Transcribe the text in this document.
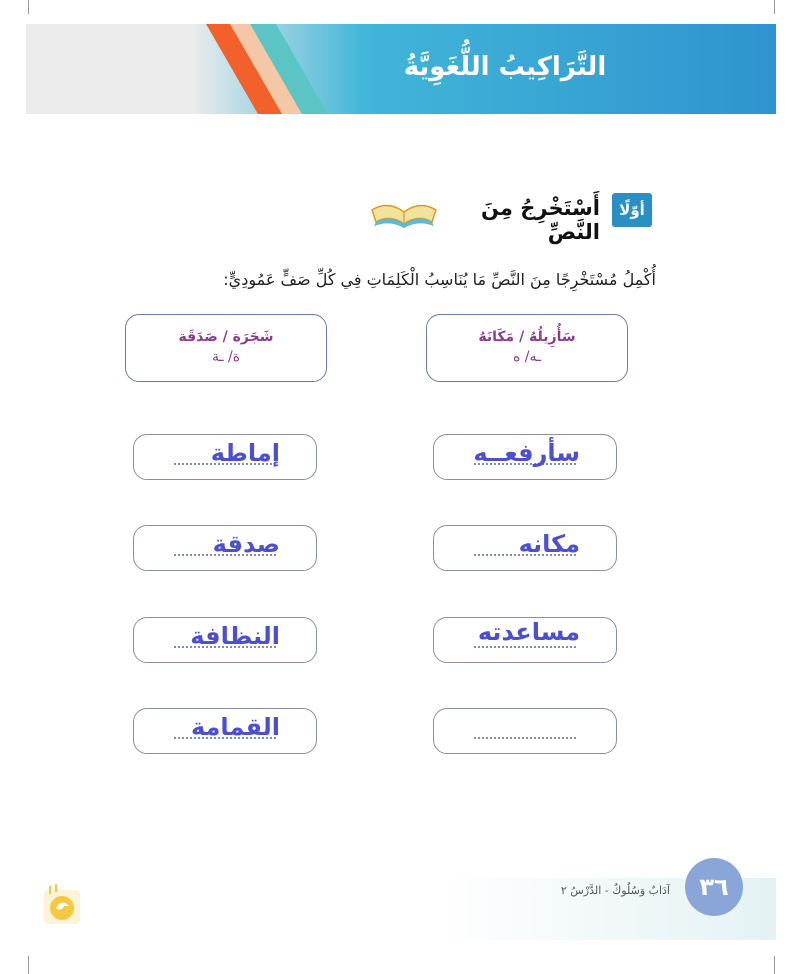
التَّرَاكِيبُ اللُّغَوِيَّةُ
أوّلًا
أَسْتَخْرِجُ مِنَ النَّصِّ
أُكْمِلُ مُسْتَخْرِجًا مِنَ النَّصِّ مَا يُنَاسِبُ الْكَلِمَاتِ فِي كُلِّ صَفٍّ عَمُودِيٍّ:
سَأُزِيلُهُ / مَكَانَهُ
ـه/ ه
شَجَرَة / صَدَقَة
ة/ ـة
سأرفعــه
مكانه
مساعدته
إماطة
صدقة
النظافة
القمامة
٣٦
آدَابٌ وَسُلُوكٌ - الدَّرْسُ ٢
